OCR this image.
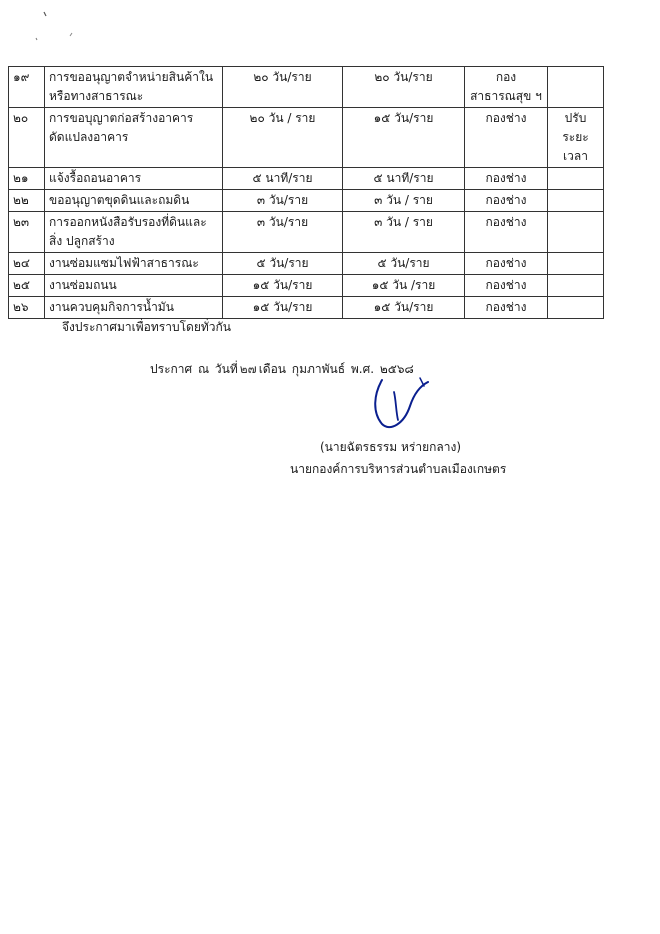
๑๙	การขออนุญาตจำหน่ายสินค้าใน หรือทางสาธารณะ	๒๐ วัน/ราย	๒๐ วัน/ราย	กองสาธารณสุข ฯ	
๒๐	การขอบุญาตก่อสร้างอาคาร ดัดแปลงอาคาร	๒๐ วัน / ราย	๑๕ วัน/ราย	กองช่าง	ปรับ ระยะเวลา
๒๑	แจ้งรื้อถอนอาคาร	๕ นาที/ราย	๕ นาที/ราย	กองช่าง	
๒๒	ขออนุญาตขุดดินและถมดิน	๓ วัน/ราย	๓ วัน / ราย	กองช่าง	
๒๓	การออกหนังสือรับรองที่ดินและสิ่ง ปลูกสร้าง	๓ วัน/ราย	๓ วัน / ราย	กองช่าง	
๒๔	งานซ่อมแซมไฟฟ้าสาธารณะ	๕ วัน/ราย	๕ วัน/ราย	กองช่าง	
๒๕	งานซ่อมถนน	๑๕ วัน/ราย	๑๕ วัน /ราย	กองช่าง	
๒๖	งานควบคุมกิจการน้ำมัน	๑๕ วัน/ราย	๑๕ วัน/ราย	กองช่าง	
จึงประกาศมาเพื่อทราบโดยทั่วกัน
ประกาศ ณ วันที่ ๒๗ เดือน กุมภาพันธ์ พ.ศ. ๒๕๖๘
(นายฉัตรธรรม หร่ายกลาง)
นายกองค์การบริหารส่วนตำบลเมืองเกษตร
